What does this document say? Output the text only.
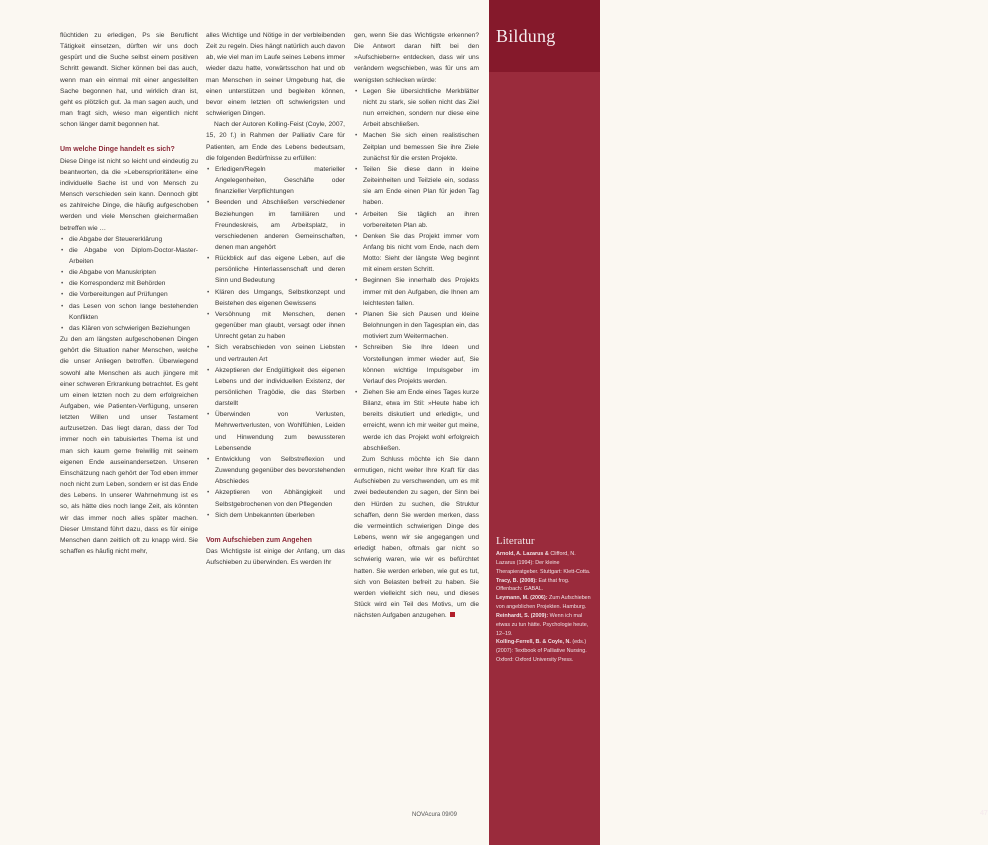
flüchtiden zu erledigen, Ps sie Beruflicht Tätigkeit einsetzen, dürften wir uns doch gespürt und die Suche selbst einem positiven Schritt gewandt. Sicher können bei das auch, wenn man ein einmal mit einer angestellten Sache begonnen hat, und wirklich dran ist, geht es plötzlich gut. Ja man sagen auch, und man fragt sich, wieso man eigentlich nicht schon länger damit begonnen hat.

Um welche Dinge handelt es sich?

Diese Dinge ist nicht so leicht und eindeutig zu beantworten, da die »Lebensprioritäten« eine individuelle Sache ist und von Mensch zu Mensch verschieden sein kann. Dennoch gibt es zahlreiche Dinge, die häufig aufgeschoben werden und viele Menschen gleichermaßen betreffen wie …

• die Abgabe der Steuererklärung
• die Abgabe von Diplom-Doctor-Master-Arbeiten
• die Abgabe von Manuskripten
• die Korrespondenz mit Behörden
• die Vorbereitungen auf Prüfungen
• das Lesen von schon lange bestehenden Konflikten
• das Klären von schwierigen Beziehungen

Zu den am längsten aufgeschobenen Dingen gehört die Situation naher Menschen, welche die unser Anliegen betroffen. Überwiegend sowohl alte Menschen als auch jüngere mit einer schweren Erkrankung betrachtet. Es geht um einen letzten noch zu dem erfolgreichen Aufgaben, wie Patienten-Verfügung, unseren letzten Willen und unser Testament aufzusetzen. Das liegt daran, dass der Tod immer noch ein tabuisiertes Thema ist und man sich kaum gerne freiwillig mit seinem eigenen Ende auseinandersetzen. Unseren Einschätzung nach gehört der Tod eben immer noch nicht zum Leben, sondern er ist das Ende des Lebens. In unserer Wahrnehmung ist es so, als hätte dies noch lange Zeit, als könnten wir das immer noch alles später machen. Dieser Umstand führt dazu, dass es für einige Menschen dann zeitlich oft zu knapp wird. Sie schaffen es häufig nicht mehr,

alles Wichtige und Nötige in der verbleibenden Zeit zu regeln. Dies hängt natürlich auch davon ab, wie viel man im Laufe seines Lebens immer wieder dazu hatte, vorwärtsschon hat und ob man Menschen in seiner Umgebung hat, die einen unterstützen und begleiten können, bevor einem letzten oft schwierigsten und schwierigen Dingen.

Nach der Autoren Kolling-Feist (Coyle, 2007, 15, 20 f.) in Rahmen der Palliativ Care für Patienten, am Ende des Lebens bedeutsam, die folgenden Bedürfnisse zu erfüllen:

• Erledigen/Regeln materieller Angelegenheiten, Geschäfte oder finanzieller Verpflichtungen
• Beenden und Abschließen verschiedener Beziehungen im familiären und Freundeskreis, am Arbeitsplatz, in verschiedenen anderen Gemeinschaften, denen man angehört
• Rückblick auf das eigene Leben, auf die persönliche Hinterlassenschaft und deren Sinn und Bedeutung
• Klären des Umgangs, Selbstkonzept und Beistehen des eigenen Gewissens
• Versöhnung mit Menschen, denen gegenüber man glaubt, versagt oder ihnen Unrecht getan zu haben
• Sich verabschieden von seinen Liebsten und vertrauten Art
• Akzeptieren der Endgültigkeit des eigenen Lebens und der individuellen Existenz, der persönlichen Tragödie, die das Sterben darstellt
• Überwinden von Verlusten, Mehrwertverlusten, von Wohlfühlen, Leiden und Hinwendung zum bewussteren Lebensende
• Entwicklung von Selbstreflexion und Zuwendung gegenüber des bevorstehenden Abschiedes
• Akzeptieren von Abhängigkeit und Selbstgebrochenen von den Pflegenden
• Sich dem Unbekannten überleben
Vom Aufschieben zum Angehen

Das Wichtigste ist einige der Anfang, um das Aufschieben zu überwinden. Es werden Ihr

gen, wenn Sie das Wichtigste erkennen? Die Antwort daran hilft bei den »Aufschiebern« entdecken, dass wir uns verändern wegschieben, was für uns am wenigsten schlecken würde:

• Legen Sie übersichtliche Merkblätter nicht zu stark, sie sollen nicht das Ziel nun erreichen, sondern nur diese eine Arbeit abschließen.
• Machen Sie sich einen realistischen Zeitplan und bemessen Sie ihre Ziele zunächst für die ersten Projekte.
• Teilen Sie diese dann in kleine Zeiteinheiten und Teilziele ein, sodass sie am Ende einen Plan für jeden Tag haben.
• Arbeiten Sie täglich an ihren vorbereiteten Plan ab.
• Denken Sie das Projekt immer vom Anfang bis nicht vom Ende, nach dem Motto: Sieht der längste Weg beginnt mit einem ersten Schritt.
• Beginnen Sie innerhalb des Projekts immer mit den Aufgaben, die Ihnen am leichtesten fallen.
• Planen Sie sich Pausen und kleine Belohnungen in den Tagesplan ein, das motiviert zum Weitermachen.
• Schreiben Sie Ihre Ideen und Vorstellungen immer wieder auf, Sie können wichtige Impulsgeber im Verlauf des Projekts werden.
• Ziehen Sie am Ende eines Tages kurze Bilanz, etwa im Stil: »Heute habe ich bereits diskutiert und erledigt«, und erreicht, wenn ich mir weiter gut meine, werde ich das Projekt wohl erfolgreich abschließen.

Zum Schluss möchte ich Sie dann ermutigen, nicht weiter Ihre Kraft für das Aufschieben zu verschwenden, um es mit zwei bedeutenden zu sagen, der Sinn bei den Hürden zu suchen, die Struktur schaffen, denn Sie werden merken, dass die vermeintlich schwierigen Dinge des Lebens, wenn wir sie angegangen und erledigt haben, oftmals gar nicht so schwierig waren, wie wir es befürchtet hatten. Sie werden erleben, wie gut es tut, sich von Belasten befreit zu haben. Sie werden vielleicht sich neu, und dieses Stück wird ein Teil des Motivs, um die nächsten Aufgaben anzugehen.

Bildung
Literatur

Arnold, A. Lazarus & Clifford, N. Lazarus (1994): Der kleine Therapieratgeber. Stuttgart: Klett-Cotta.

Tracy, B. (2008): Eat that frog. Offenbach: GABAL.

Leymann, M. (2006): Zum Aufschieben von angeblichen Projekten. Hamburg.

Reinhardt, S. (2009): Wenn ich mal etwas zu tun hätte. Psychologie heute, 12–19.

Kolling-Ferrell, B. & Coyle, N. (eds.) (2007): Textbook of Palliative Nursing. Oxford: Oxford University Press.

47
NOVAcura 09/09
